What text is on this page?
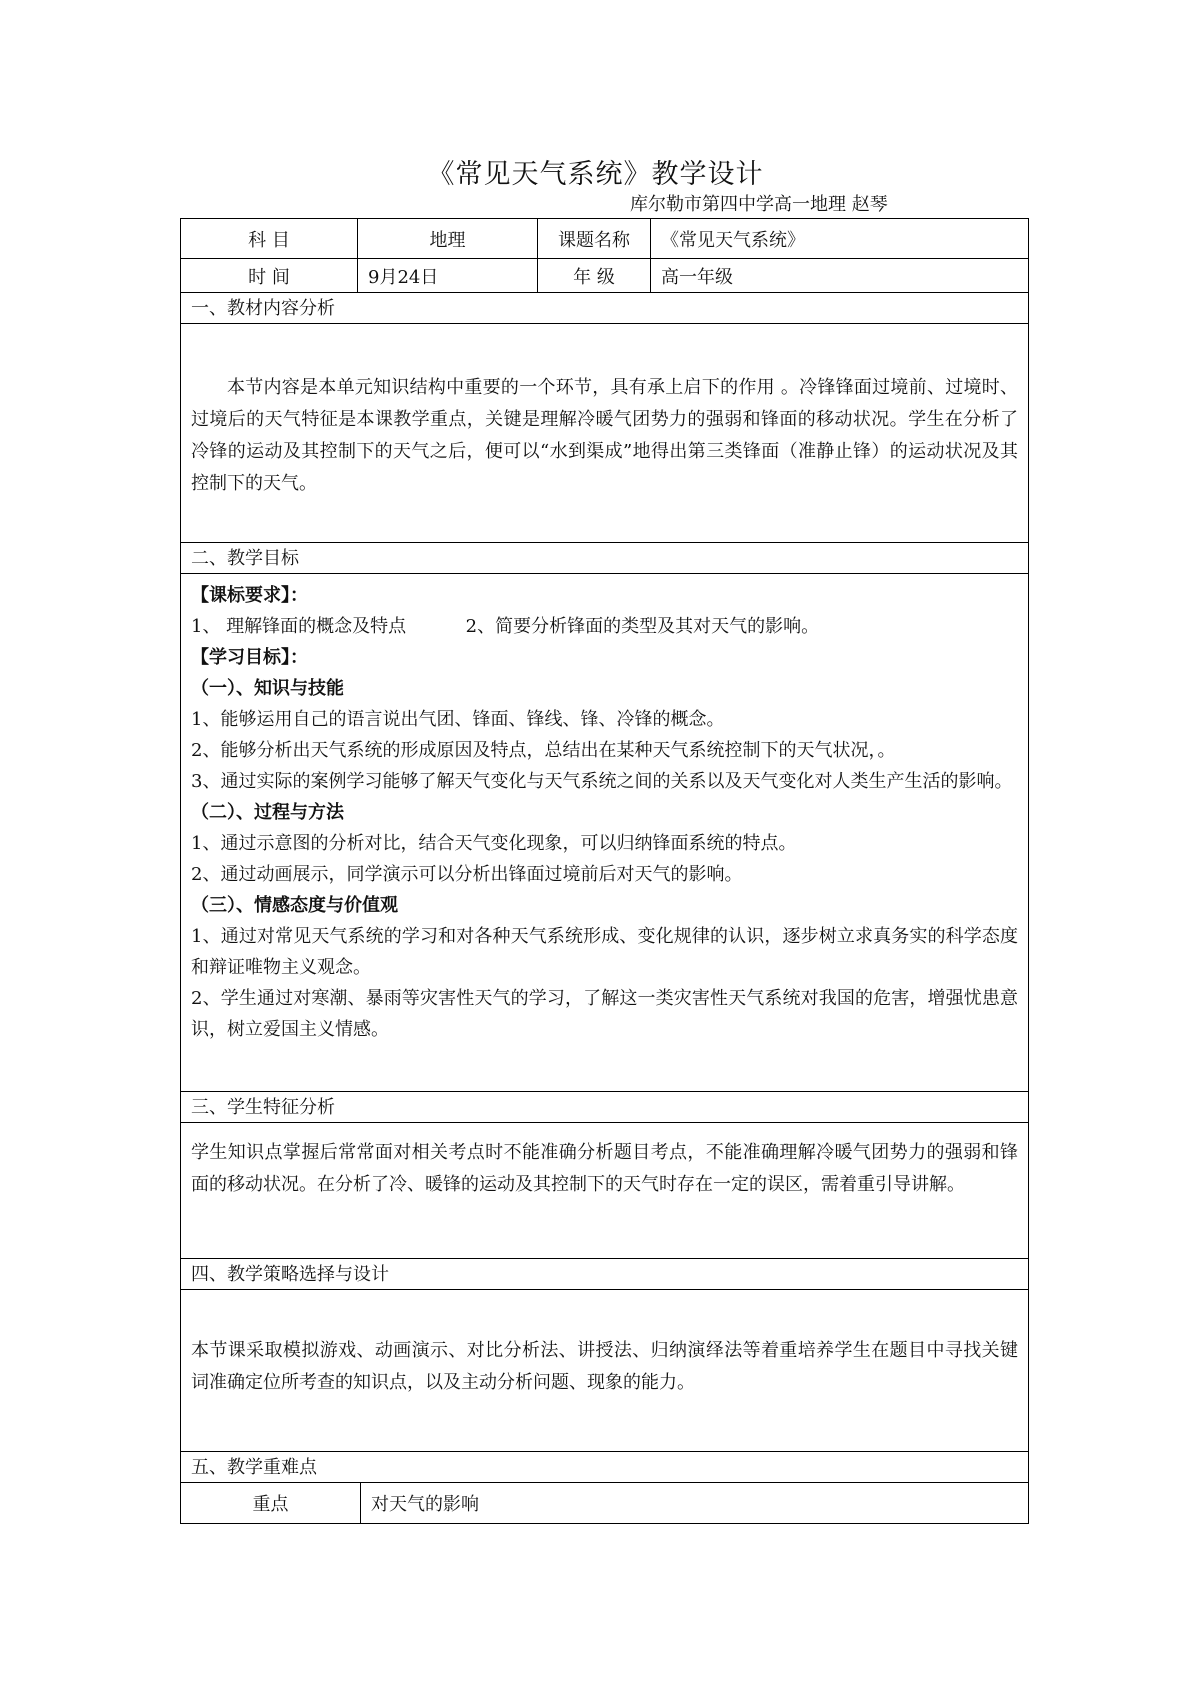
《常见天气系统》教学设计
库尔勒市第四中学高一地理 赵琴
科 目	地理	课题名称	《常见天气系统》
时 间	9月24日	年 级	高一年级
一、教材内容分析
本节内容是本单元知识结构中重要的一个环节，具有承上启下的作用 。冷锋锋面过境前、过境时、过境后的天气特征是本课教学重点，关键是理解冷暖气团势力的强弱和锋面的移动状况。学生在分析了冷锋的运动及其控制下的天气之后，便可以“水到渠成”地得出第三类锋面（准静止锋）的运动状况及其控制下的天气。
二、教学目标
【课标要求】：
1、 理解锋面的概念及特点	2、简要分析锋面的类型及其对天气的影响。
【学习目标】：
（一）、知识与技能
1、能够运用自己的语言说出气团、锋面、锋线、锋、冷锋的概念。
2、能够分析出天气系统的形成原因及特点，总结出在某种天气系统控制下的天气状况，。
3、通过实际的案例学习能够了解天气变化与天气系统之间的关系以及天气变化对人类生产生活的影响。
（二）、过程与方法
1、通过示意图的分析对比，结合天气变化现象，可以归纳锋面系统的特点。
2、通过动画展示，同学演示可以分析出锋面过境前后对天气的影响。
（三）、情感态度与价值观
1、通过对常见天气系统的学习和对各种天气系统形成、变化规律的认识，逐步树立求真务实的科学态度和辩证唯物主义观念。
2、学生通过对寒潮、暴雨等灾害性天气的学习，了解这一类灾害性天气系统对我国的危害，增强忧患意识，树立爱国主义情感。
三、学生特征分析
学生知识点掌握后常常面对相关考点时不能准确分析题目考点，不能准确理解冷暖气团势力的强弱和锋面的移动状况。在分析了冷、暖锋的运动及其控制下的天气时存在一定的误区，需着重引导讲解。
四、教学策略选择与设计
本节课采取模拟游戏、动画演示、对比分析法、讲授法、归纳演绎法等着重培养学生在题目中寻找关键词准确定位所考查的知识点，以及主动分析问题、现象的能力。
五、教学重难点
重点	对天气的影响
